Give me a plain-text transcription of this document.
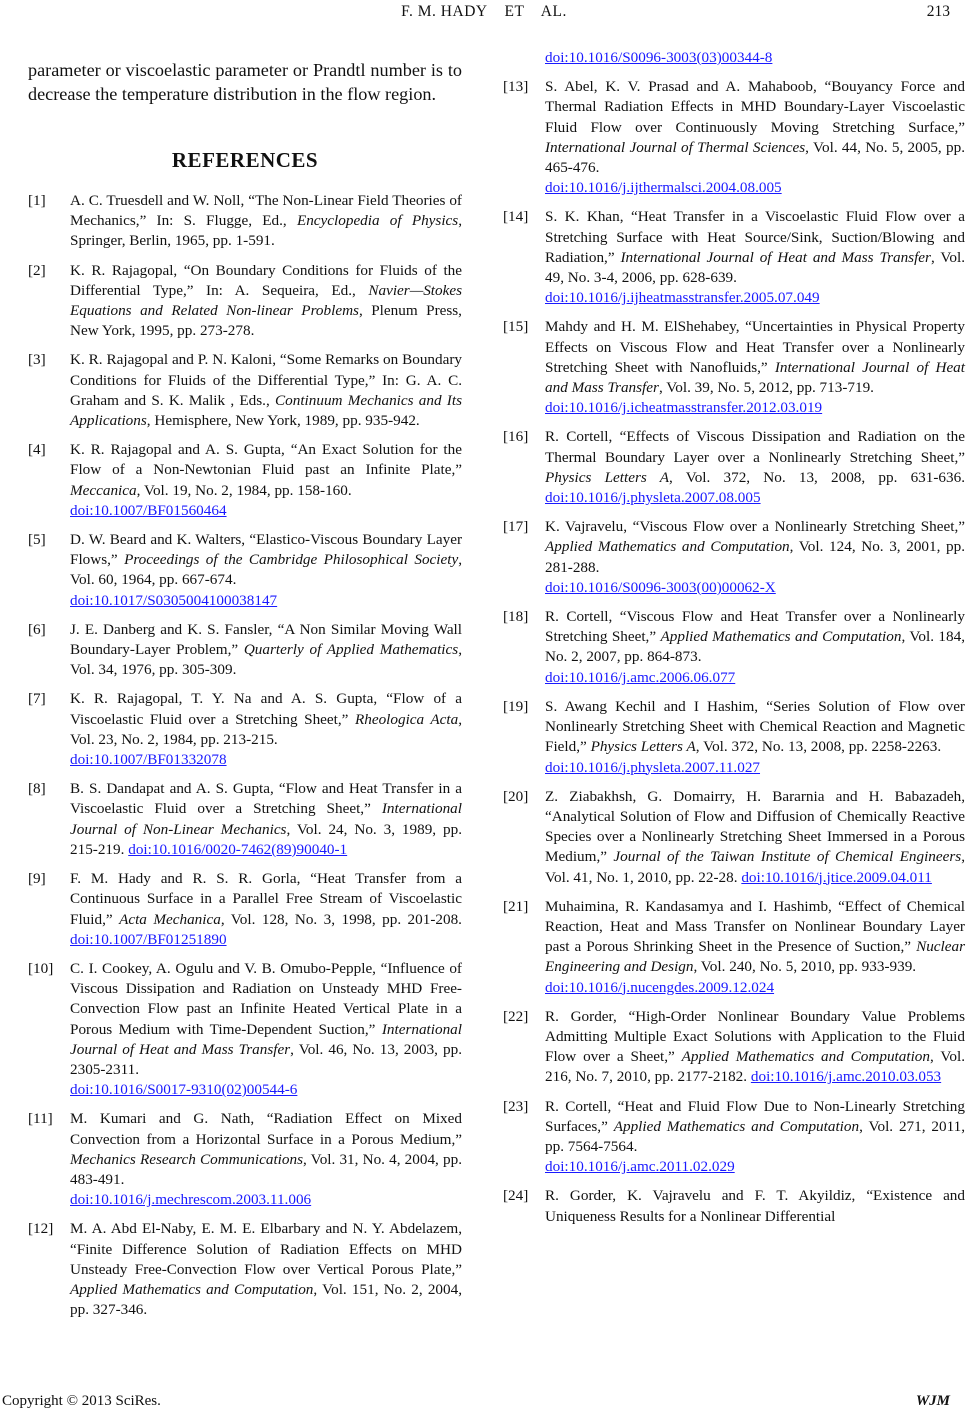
F. M. HADY    ET    AL.	213

parameter or viscoelastic parameter or Prandtl number is to decrease the temperature distribution in the flow region.

REFERENCES
[1] A. C. Truesdell and W. Noll, “The Non-Linear Field Theories of Mechanics,” In: S. Flugge, Ed., Encyclopedia of Physics, Springer, Berlin, 1965, pp. 1-591.
[2] K. R. Rajagopal, “On Boundary Conditions for Fluids of the Differential Type,” In: A. Sequeira, Ed., Navier—Stokes Equations and Related Non-linear Problems, Plenum Press, New York, 1995, pp. 273-278.
[3] K. R. Rajagopal and P. N. Kaloni, “Some Remarks on Boundary Conditions for Fluids of the Differential Type,” In: G. A. C. Graham and S. K. Malik , Eds., Continuum Mechanics and Its Applications, Hemisphere, New York, 1989, pp. 935-942.
[4] K. R. Rajagopal and A. S. Gupta, “An Exact Solution for the Flow of a Non-Newtonian Fluid past an Infinite Plate,” Meccanica, Vol. 19, No. 2, 1984, pp. 158-160.
doi:10.1007/BF01560464
[5] D. W. Beard and K. Walters, “Elastico-Viscous Boundary Layer Flows,” Proceedings of the Cambridge Philosophical Society, Vol. 60, 1964, pp. 667-674.
doi:10.1017/S0305004100038147
[6] J. E. Danberg and K. S. Fansler, “A Non Similar Moving Wall Boundary-Layer Problem,” Quarterly of Applied Mathematics, Vol. 34, 1976, pp. 305-309.
[7] K. R. Rajagopal, T. Y. Na and A. S. Gupta, “Flow of a Viscoelastic Fluid over a Stretching Sheet,” Rheologica Acta, Vol. 23, No. 2, 1984, pp. 213-215.
doi:10.1007/BF01332078
[8] B. S. Dandapat and A. S. Gupta, “Flow and Heat Transfer in a Viscoelastic Fluid over a Stretching Sheet,” International Journal of Non-Linear Mechanics, Vol. 24, No. 3, 1989, pp. 215-219. doi:10.1016/0020-7462(89)90040-1
[9] F. M. Hady and R. S. R. Gorla, “Heat Transfer from a Continuous Surface in a Parallel Free Stream of Viscoelastic Fluid,” Acta Mechanica, Vol. 128, No. 3, 1998, pp. 201-208. doi:10.1007/BF01251890
[10] C. I. Cookey, A. Ogulu and V. B. Omubo-Pepple, “Influence of Viscous Dissipation and Radiation on Unsteady MHD Free-Convection Flow past an Infinite Heated Vertical Plate in a Porous Medium with Time-Dependent Suction,” International Journal of Heat and Mass Transfer, Vol. 46, No. 13, 2003, pp. 2305-2311.
doi:10.1016/S0017-9310(02)00544-6
[11] M. Kumari and G. Nath, “Radiation Effect on Mixed Convection from a Horizontal Surface in a Porous Medium,” Mechanics Research Communications, Vol. 31, No. 4, 2004, pp. 483-491.
doi:10.1016/j.mechrescom.2003.11.006
[12] M. A. Abd El-Naby, E. M. E. Elbarbary and N. Y. Abdelazem, “Finite Difference Solution of Radiation Effects on MHD Unsteady Free-Convection Flow over Vertical Porous Plate,” Applied Mathematics and Computation, Vol. 151, No. 2, 2004, pp. 327-346.
doi:10.1016/S0096-3003(03)00344-8
[13] S. Abel, K. V. Prasad and A. Mahaboob, “Bouyancy Force and Thermal Radiation Effects in MHD Boundary-Layer Viscoelastic Fluid Flow over Continuously Moving Stretching Surface,” International Journal of Thermal Sciences, Vol. 44, No. 5, 2005, pp. 465-476.
doi:10.1016/j.ijthermalsci.2004.08.005
[14] S. K. Khan, “Heat Transfer in a Viscoelastic Fluid Flow over a Stretching Surface with Heat Source/Sink, Suction/Blowing and Radiation,” International Journal of Heat and Mass Transfer, Vol. 49, No. 3-4, 2006, pp. 628-639.
doi:10.1016/j.ijheatmasstransfer.2005.07.049
[15] Mahdy and H. M. ElShehabey, “Uncertainties in Physical Property Effects on Viscous Flow and Heat Transfer over a Nonlinearly Stretching Sheet with Nanofluids,” International Journal of Heat and Mass Transfer, Vol. 39, No. 5, 2012, pp. 713-719.
doi:10.1016/j.icheatmasstransfer.2012.03.019
[16] R. Cortell, “Effects of Viscous Dissipation and Radiation on the Thermal Boundary Layer over a Nonlinearly Stretching Sheet,” Physics Letters A, Vol. 372, No. 13, 2008, pp. 631-636. doi:10.1016/j.physleta.2007.08.005
[17] K. Vajravelu, “Viscous Flow over a Nonlinearly Stretching Sheet,” Applied Mathematics and Computation, Vol. 124, No. 3, 2001, pp. 281-288.
doi:10.1016/S0096-3003(00)00062-X
[18] R. Cortell, “Viscous Flow and Heat Transfer over a Nonlinearly Stretching Sheet,” Applied Mathematics and Computation, Vol. 184, No. 2, 2007, pp. 864-873.
doi:10.1016/j.amc.2006.06.077
[19] S. Awang Kechil and I Hashim, “Series Solution of Flow over Nonlinearly Stretching Sheet with Chemical Reaction and Magnetic Field,” Physics Letters A, Vol. 372, No. 13, 2008, pp. 2258-2263.
doi:10.1016/j.physleta.2007.11.027
[20] Z. Ziabakhsh, G. Domairry, H. Bararnia and H. Babazadeh, “Analytical Solution of Flow and Diffusion of Chemically Reactive Species over a Nonlinearly Stretching Sheet Immersed in a Porous Medium,” Journal of the Taiwan Institute of Chemical Engineers, Vol. 41, No. 1, 2010, pp. 22-28. doi:10.1016/j.jtice.2009.04.011
[21] Muhaimina, R. Kandasamya and I. Hashimb, “Effect of Chemical Reaction, Heat and Mass Transfer on Nonlinear Boundary Layer past a Porous Shrinking Sheet in the Presence of Suction,” Nuclear Engineering and Design, Vol. 240, No. 5, 2010, pp. 933-939.
doi:10.1016/j.nucengdes.2009.12.024
[22] R. Gorder, “High-Order Nonlinear Boundary Value Problems Admitting Multiple Exact Solutions with Application to the Fluid Flow over a Sheet,” Applied Mathematics and Computation, Vol. 216, No. 7, 2010, pp. 2177-2182. doi:10.1016/j.amc.2010.03.053
[23] R. Cortell, “Heat and Fluid Flow Due to Non-Linearly Stretching Surfaces,” Applied Mathematics and Computation, Vol. 271, 2011, pp. 7564-7564.
doi:10.1016/j.amc.2011.02.029
[24] R. Gorder, K. Vajravelu and F. T. Akyildiz, “Existence and Uniqueness Results for a Nonlinear Differential
Copyright © 2013 SciRes.	WJM
